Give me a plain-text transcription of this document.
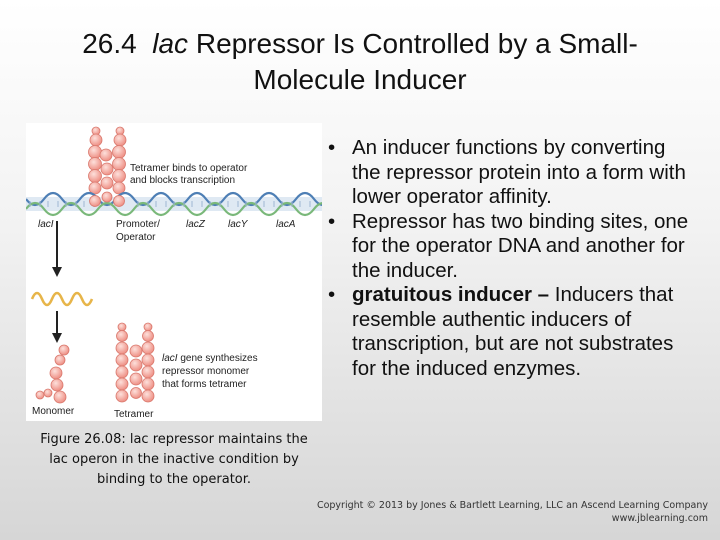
26.4 lac Repressor Is Controlled by a Small-
Molecule Inducer
Tetramer binds to operator
and blocks transcription
lacI	Promoter/
Operator
lacZ lacY	lacA
Monomer	Tetramer
lacI gene synthesizes
repressor monomer
that forms tetramer
Figure 26.08: lac repressor maintains the
lac operon in the inactive condition by
binding to the operator.
• An inducer functions by converting the repressor protein into a form with lower operator affinity.
• Repressor has two binding sites, one for the operator DNA and another for the inducer.
• gratuitous inducer – Inducers that resemble authentic inducers of transcription, but are not substrates for the induced enzymes.
Copyright © 2013 by Jones & Bartlett Learning, LLC an Ascend Learning Company
www.jblearning.com
